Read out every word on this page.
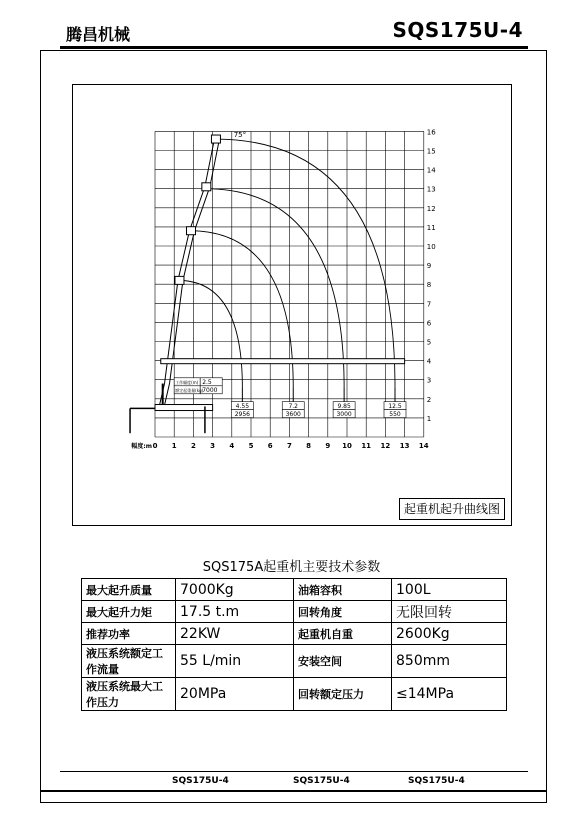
腾昌机械	SQS175U-4
0 1 2 3 4 5 6 7 8 9 10 11 12 13 14
1
2
3
4
5
6
7
8
9
10
11
12
13
14
15
16
幅度:m
75°
工作幅度(m) 2.5
额定起重量(kg) 7000
4.55
2956
7.2
3600
9.85
3000
12.5
550
起重机起升曲线图
SQS175A起重机主要技术参数
最大起升质量	7000Kg	油箱容积	100L
最大起升力矩	17.5 t.m	回转角度	无限回转
推荐功率	22KW	起重机自重	2600Kg
液压系统额定工作流量	55 L/min	安装空间	850mm
液压系统最大工作压力	20MPa	回转额定压力	≤14MPa
SQS175U-4	SQS175U-4	SQS175U-4
